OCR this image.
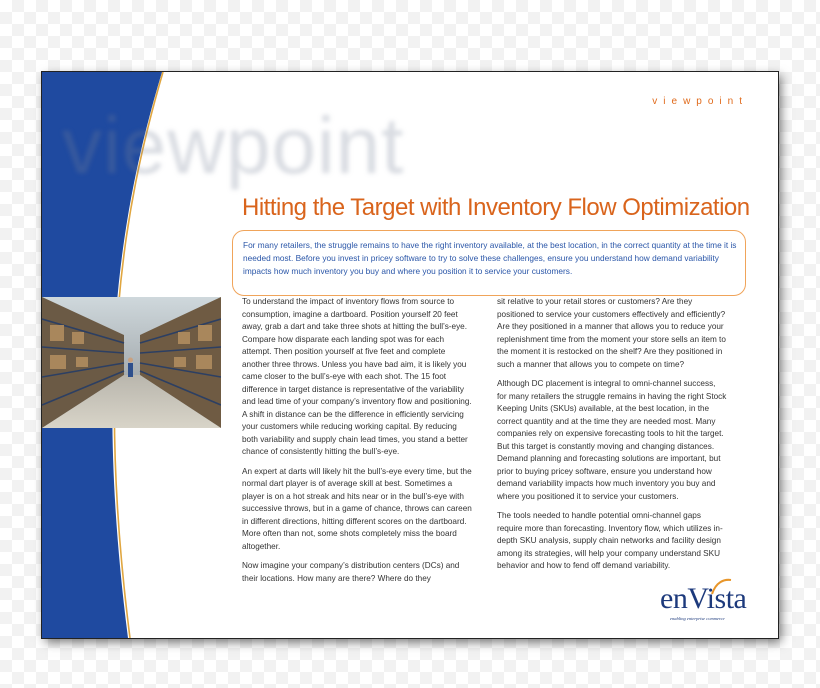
viewpoint	viewpoint
Hitting the Target with Inventory Flow Optimization
For many retailers, the struggle remains to have the right inventory available, at the best location, in the correct quantity at the time it is needed most. Before you invest in pricey software to try to solve these challenges, ensure you understand how demand variability impacts how much inventory you buy and where you position it to service your customers.

To understand the impact of inventory flows from source to consumption, imagine a dartboard. Position yourself 20 feet away, grab a dart and take three shots at hitting the bull’s-eye. Compare how disparate each landing spot was for each attempt. Then position yourself at five feet and complete another three throws. Unless you have bad aim, it is likely you came closer to the bull’s-eye with each shot. The 15 foot difference in target distance is representative of the variability and lead time of your company’s inventory flow and positioning. A shift in distance can be the difference in efficiently servicing your customers while reducing working capital. By reducing both variability and supply chain lead times, you stand a better chance of consistently hitting the bull’s-eye.

An expert at darts will likely hit the bull’s-eye every time, but the normal dart player is of average skill at best. Sometimes a player is on a hot streak and hits near or in the bull’s-eye with successive throws, but in a game of chance, throws can careen in different directions, hitting different scores on the dartboard. More often than not, some shots completely miss the board altogether.

Now imagine your company’s distribution centers (DCs) and their locations. How many are there? Where do they

sit relative to your retail stores or customers? Are they positioned to service your customers effectively and efficiently? Are they positioned in a manner that allows you to reduce your replenishment time from the moment your store sells an item to the moment it is restocked on the shelf? Are they positioned in such a manner that allows you to compete on time?

Although DC placement is integral to omni-channel success, for many retailers the struggle remains in having the right Stock Keeping Units (SKUs) available, at the best location, in the correct quantity and at the time they are needed most. Many companies rely on expensive forecasting tools to hit the target. But this target is constantly moving and changing distances. Demand planning and forecasting solutions are important, but prior to buying pricey software, ensure you understand how demand variability impacts how much inventory you buy and where you positioned it to service your customers.

The tools needed to handle potential omni-channel gaps require more than forecasting. Inventory flow, which utilizes in-depth SKU analysis, supply chain networks and facility design among its strategies, will help your company understand SKU behavior and how to fend off demand variability.

enVista
enabling enterprise commerce
